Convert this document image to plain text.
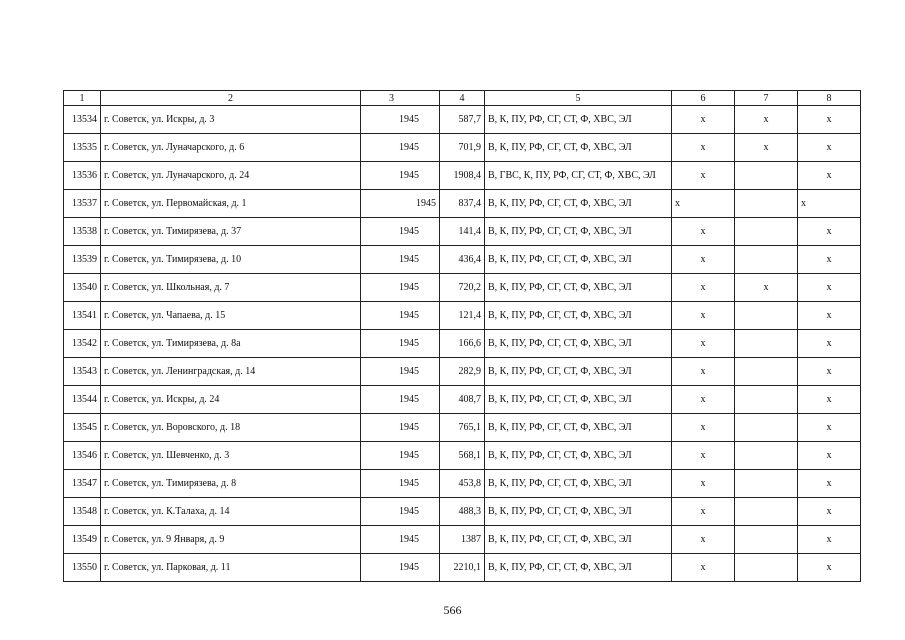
1	2	3	4	5	6	7	8
13534	г. Советск, ул. Искры, д. 3	1945	587,7	В, К, ПУ, РФ, СГ, СТ, Ф, ХВС, ЭЛ	х	х	х
13535	г. Советск, ул. Луначарского, д. 6	1945	701,9	В, К, ПУ, РФ, СГ, СТ, Ф, ХВС, ЭЛ	х	х	х
13536	г. Советск, ул. Луначарского, д. 24	1945	1908,4	В, ГВС, К, ПУ, РФ, СГ, СТ, Ф, ХВС, ЭЛ	х		х
13537	г. Советск, ул. Первомайская, д. 1	1945	837,4	В, К, ПУ, РФ, СГ, СТ, Ф, ХВС, ЭЛ	х		х
13538	г. Советск, ул. Тимирязева, д. 37	1945	141,4	В, К, ПУ, РФ, СГ, СТ, Ф, ХВС, ЭЛ	х		х
13539	г. Советск, ул. Тимирязева, д. 10	1945	436,4	В, К, ПУ, РФ, СГ, СТ, Ф, ХВС, ЭЛ	х		х
13540	г. Советск, ул. Школьная, д. 7	1945	720,2	В, К, ПУ, РФ, СГ, СТ, Ф, ХВС, ЭЛ	х	х	х
13541	г. Советск, ул. Чапаева, д. 15	1945	121,4	В, К, ПУ, РФ, СГ, СТ, Ф, ХВС, ЭЛ	х		х
13542	г. Советск, ул. Тимирязева, д. 8а	1945	166,6	В, К, ПУ, РФ, СГ, СТ, Ф, ХВС, ЭЛ	х		х
13543	г. Советск, ул. Ленинградская, д. 14	1945	282,9	В, К, ПУ, РФ, СГ, СТ, Ф, ХВС, ЭЛ	х		х
13544	г. Советск, ул. Искры, д. 24	1945	408,7	В, К, ПУ, РФ, СГ, СТ, Ф, ХВС, ЭЛ	х		х
13545	г. Советск, ул. Воровского, д. 18	1945	765,1	В, К, ПУ, РФ, СГ, СТ, Ф, ХВС, ЭЛ	х		х
13546	г. Советск, ул. Шевченко, д. 3	1945	568,1	В, К, ПУ, РФ, СГ, СТ, Ф, ХВС, ЭЛ	х		х
13547	г. Советск, ул. Тимирязева, д. 8	1945	453,8	В, К, ПУ, РФ, СГ, СТ, Ф, ХВС, ЭЛ	х		х
13548	г. Советск, ул. К.Талаха, д. 14	1945	488,3	В, К, ПУ, РФ, СГ, СТ, Ф, ХВС, ЭЛ	х		х
13549	г. Советск, ул. 9 Января, д. 9	1945	1387	В, К, ПУ, РФ, СГ, СТ, Ф, ХВС, ЭЛ	х		х
13550	г. Советск, ул. Парковая, д. 11	1945	2210,1	В, К, ПУ, РФ, СГ, СТ, Ф, ХВС, ЭЛ	х		х
566
